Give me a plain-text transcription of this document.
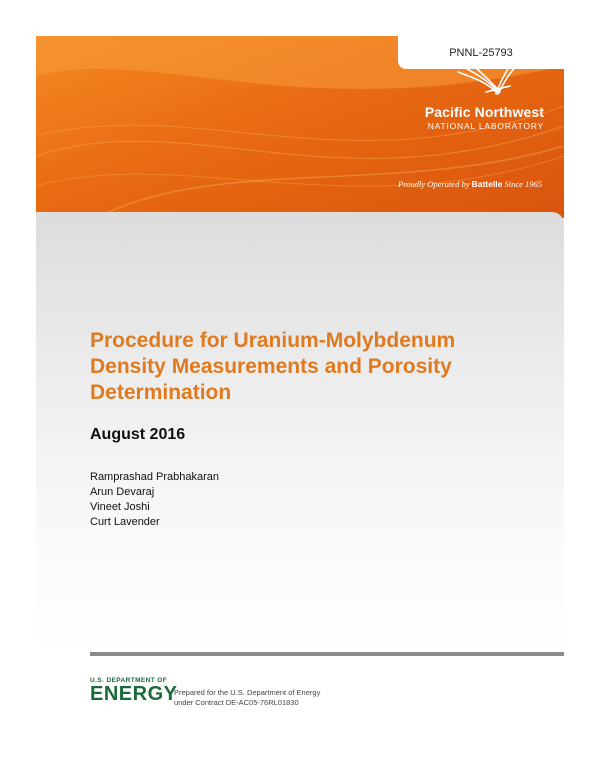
PNNL-25793
Pacific Northwest
NATIONAL LABORATORY
Proudly Operated by Battelle Since 1965
Procedure for Uranium-Molybdenum Density Measurements and Porosity Determination
August 2016
Ramprashad Prabhakaran
Arun Devaraj
Vineet Joshi
Curt Lavender
U.S. DEPARTMENT OF
ENERGY
Prepared for the U.S. Department of Energy
under Contract DE-AC05-76RL01830
